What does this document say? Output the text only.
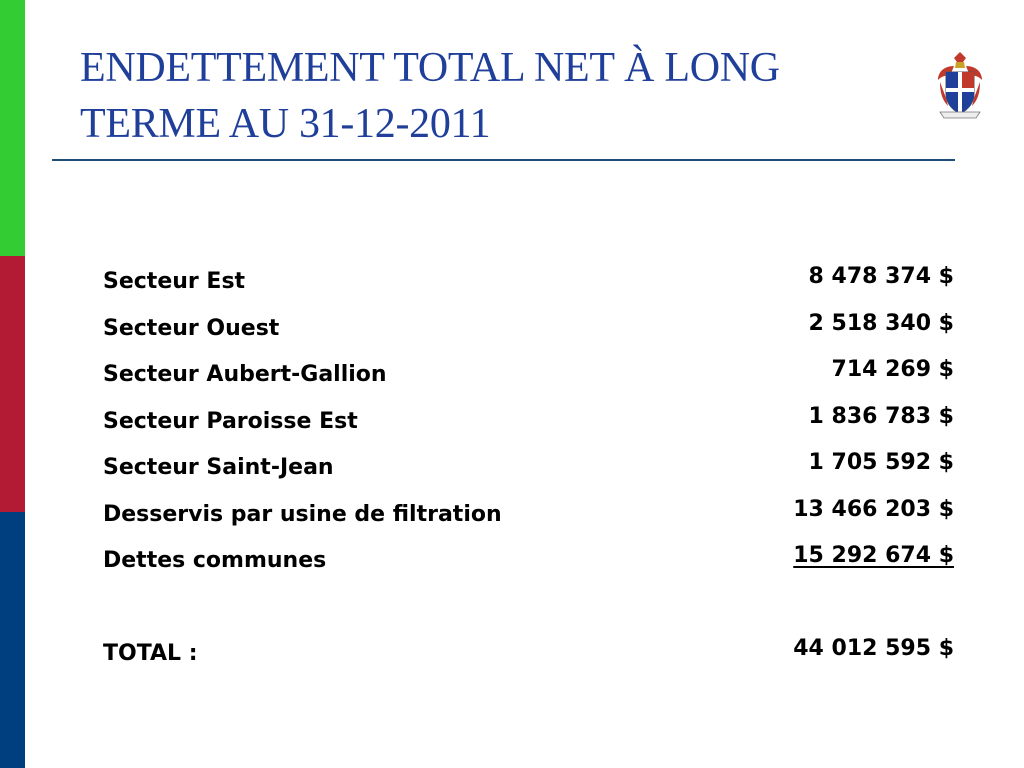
ENDETTEMENT TOTAL NET À LONG
TERME AU 31-12-2011
Secteur Est	8 478 374 $
Secteur Ouest	2 518 340 $
Secteur Aubert-Gallion	714 269 $
Secteur Paroisse Est	1 836 783 $
Secteur Saint-Jean	1 705 592 $
Desservis par usine de filtration	13 466 203 $
Dettes communes	15 292 674 $
TOTAL :	44 012 595 $
